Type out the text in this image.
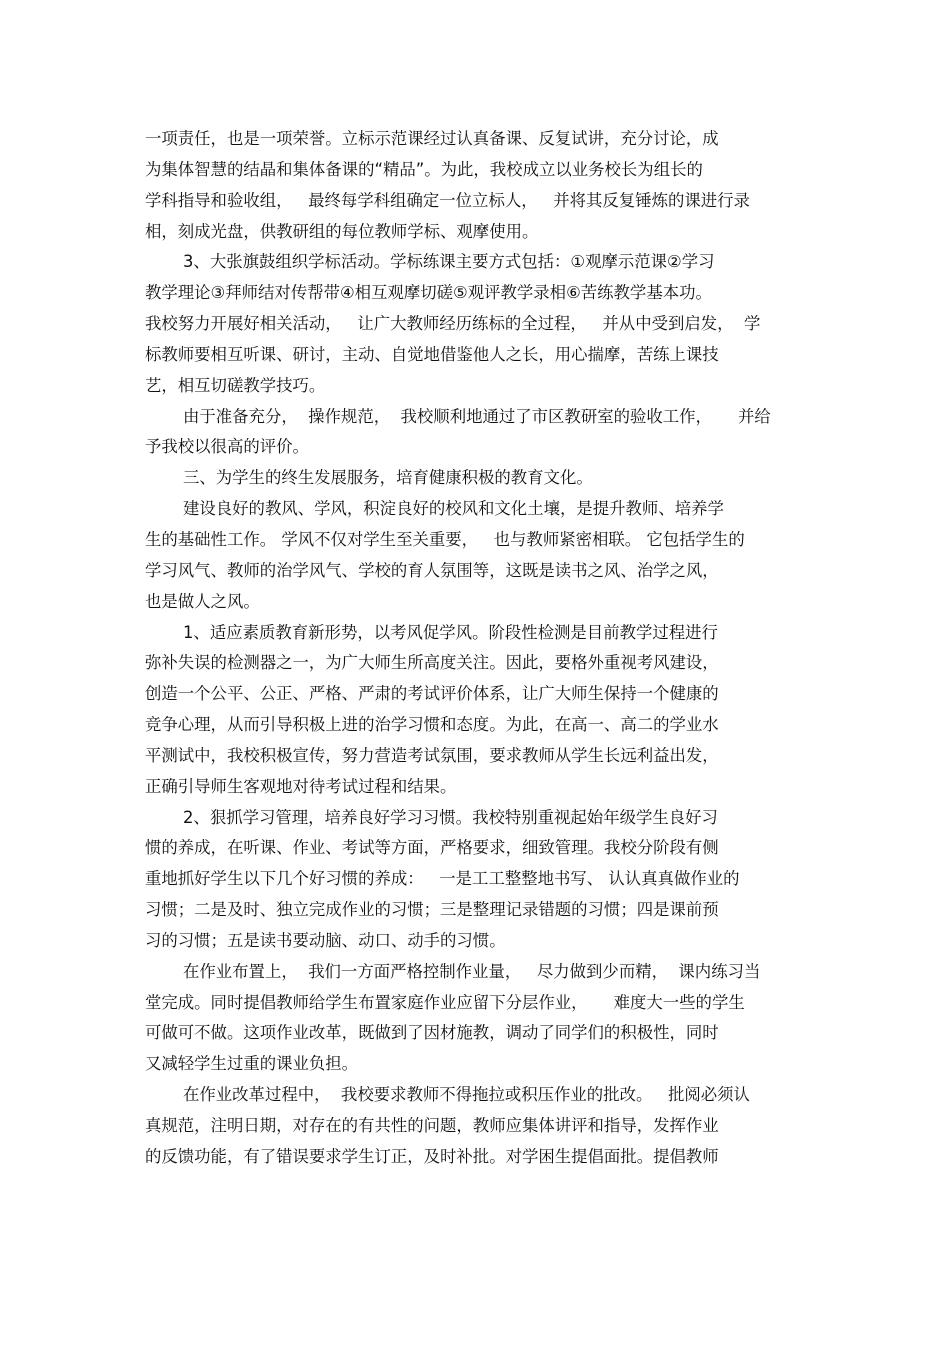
一项责任，也是一项荣誉。立标示范课经过认真备课、反复试讲，充分讨论，成
为集体智慧的结晶和集体备课的“精品”。为此，我校成立以业务校长为组长的
学科指导和验收组，   最终每学科组确定一位立标人，   并将其反复锤炼的课进行录
相，刻成光盘，供教研组的每位教师学标、观摩使用。
3、大张旗鼓组织学标活动。学标练课主要方式包括：①观摩示范课②学习
教学理论③拜师结对传帮带④相互观摩切磋⑤观评教学录相⑥苦练教学基本功。
我校努力开展好相关活动，   让广大教师经历练标的全过程，   并从中受到启发，  学
标教师要相互听课、研讨，主动、自觉地借鉴他人之长，用心揣摩，苦练上课技
艺，相互切磋教学技巧。
由于准备充分，  操作规范，  我校顺利地通过了市区教研室的验收工作，     并给
予我校以很高的评价。
三、为学生的终生发展服务，培育健康积极的教育文化。
建设良好的教风、学风，积淀良好的校风和文化土壤，是提升教师、培养学
生的基础性工作。 学风不仅对学生至关重要，   也与教师紧密相联。 它包括学生的
学习风气、教师的治学风气、学校的育人氛围等，这既是读书之风、治学之风，
也是做人之风。
1、适应素质教育新形势，以考风促学风。阶段性检测是目前教学过程进行
弥补失误的检测器之一，为广大师生所高度关注。因此，要格外重视考风建设，
创造一个公平、公正、严格、严肃的考试评价体系，让广大师生保持一个健康的
竞争心理，从而引导积极上进的治学习惯和态度。为此，在高一、高二的学业水
平测试中，我校积极宣传，努力营造考试氛围，要求教师从学生长远利益出发，
正确引导师生客观地对待考试过程和结果。
2、狠抓学习管理，培养良好学习习惯。我校特别重视起始年级学生良好习
惯的养成，在听课、作业、考试等方面，严格要求，细致管理。我校分阶段有侧
重地抓好学生以下几个好习惯的养成：   一是工工整整地书写、 认认真真做作业的
习惯；二是及时、独立完成作业的习惯；三是整理记录错题的习惯；四是课前预
习的习惯；五是读书要动脑、动口、动手的习惯。
在作业布置上，  我们一方面严格控制作业量，   尽力做到少而精，  课内练习当
堂完成。同时提倡教师给学生布置家庭作业应留下分层作业，     难度大一些的学生
可做可不做。这项作业改革，既做到了因材施教，调动了同学们的积极性，同时
又减轻学生过重的课业负担。
在作业改革过程中，  我校要求教师不得拖拉或积压作业的批改。   批阅必须认
真规范，注明日期，对存在的有共性的问题，教师应集体讲评和指导，发挥作业
的反馈功能，有了错误要求学生订正，及时补批。对学困生提倡面批。提倡教师
